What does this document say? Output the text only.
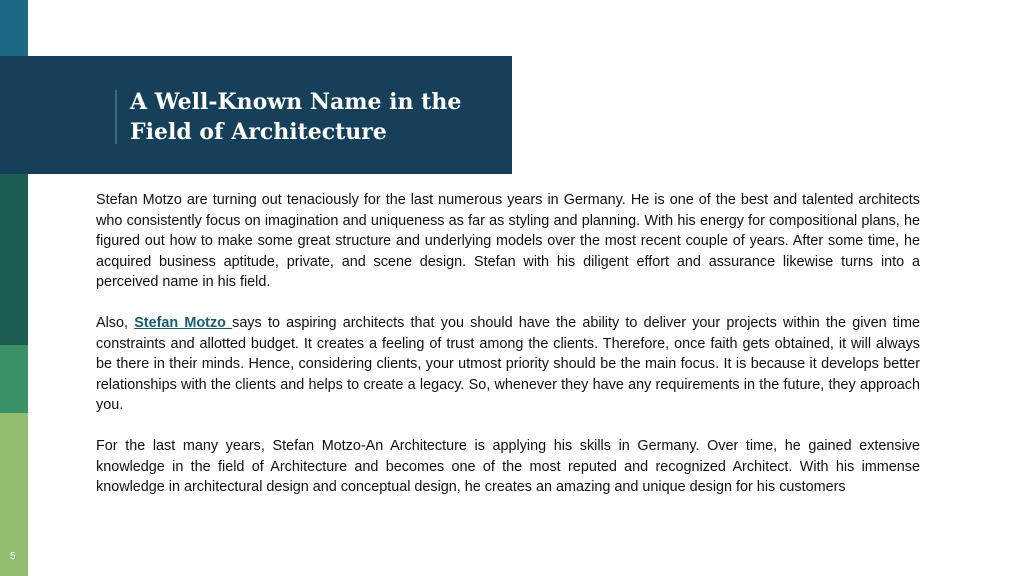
A Well-Known Name in the Field of Architecture

Stefan Motzo are turning out tenaciously for the last numerous years in Germany. He is one of the best and talented architects who consistently focus on imagination and uniqueness as far as styling and planning. With his energy for compositional plans, he figured out how to make some great structure and underlying models over the most recent couple of years. After some time, he acquired business aptitude, private, and scene design. Stefan with his diligent effort and assurance likewise turns into a perceived name in his field.

Also, Stefan Motzo says to aspiring architects that you should have the ability to deliver your projects within the given time constraints and allotted budget. It creates a feeling of trust among the clients. Therefore, once faith gets obtained, it will always be there in their minds. Hence, considering clients, your utmost priority should be the main focus. It is because it develops better relationships with the clients and helps to create a legacy. So, whenever they have any requirements in the future, they approach you.

For the last many years, Stefan Motzo-An Architecture is applying his skills in Germany. Over time, he gained extensive knowledge in the field of Architecture and becomes one of the most reputed and recognized Architect. With his immense knowledge in architectural design and conceptual design, he creates an amazing and unique design for his customers

5
